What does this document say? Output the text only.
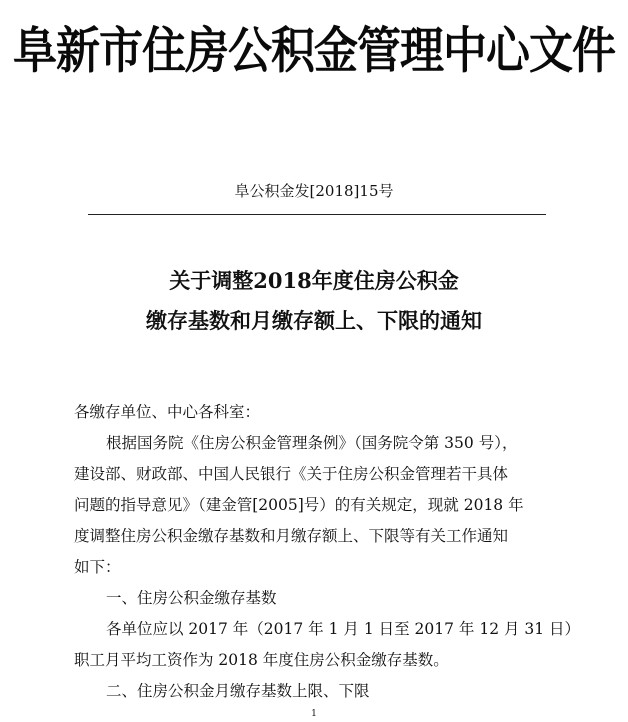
阜新市住房公积金管理中心文件
阜公积金发[2018]15号
关于调整2018年度住房公积金
缴存基数和月缴存额上、下限的通知
各缴存单位、中心各科室：
根据国务院《住房公积金管理条例》（国务院令第 350 号），
建设部、财政部、中国人民银行《关于住房公积金管理若干具体
问题的指导意见》（建金管[2005]号）的有关规定，现就 2018 年
度调整住房公积金缴存基数和月缴存额上、下限等有关工作通知
如下：
一、住房公积金缴存基数
各单位应以 2017 年（2017 年 1 月 1 日至 2017 年 12 月 31 日）
职工月平均工资作为 2018 年度住房公积金缴存基数。
二、住房公积金月缴存基数上限、下限
1
